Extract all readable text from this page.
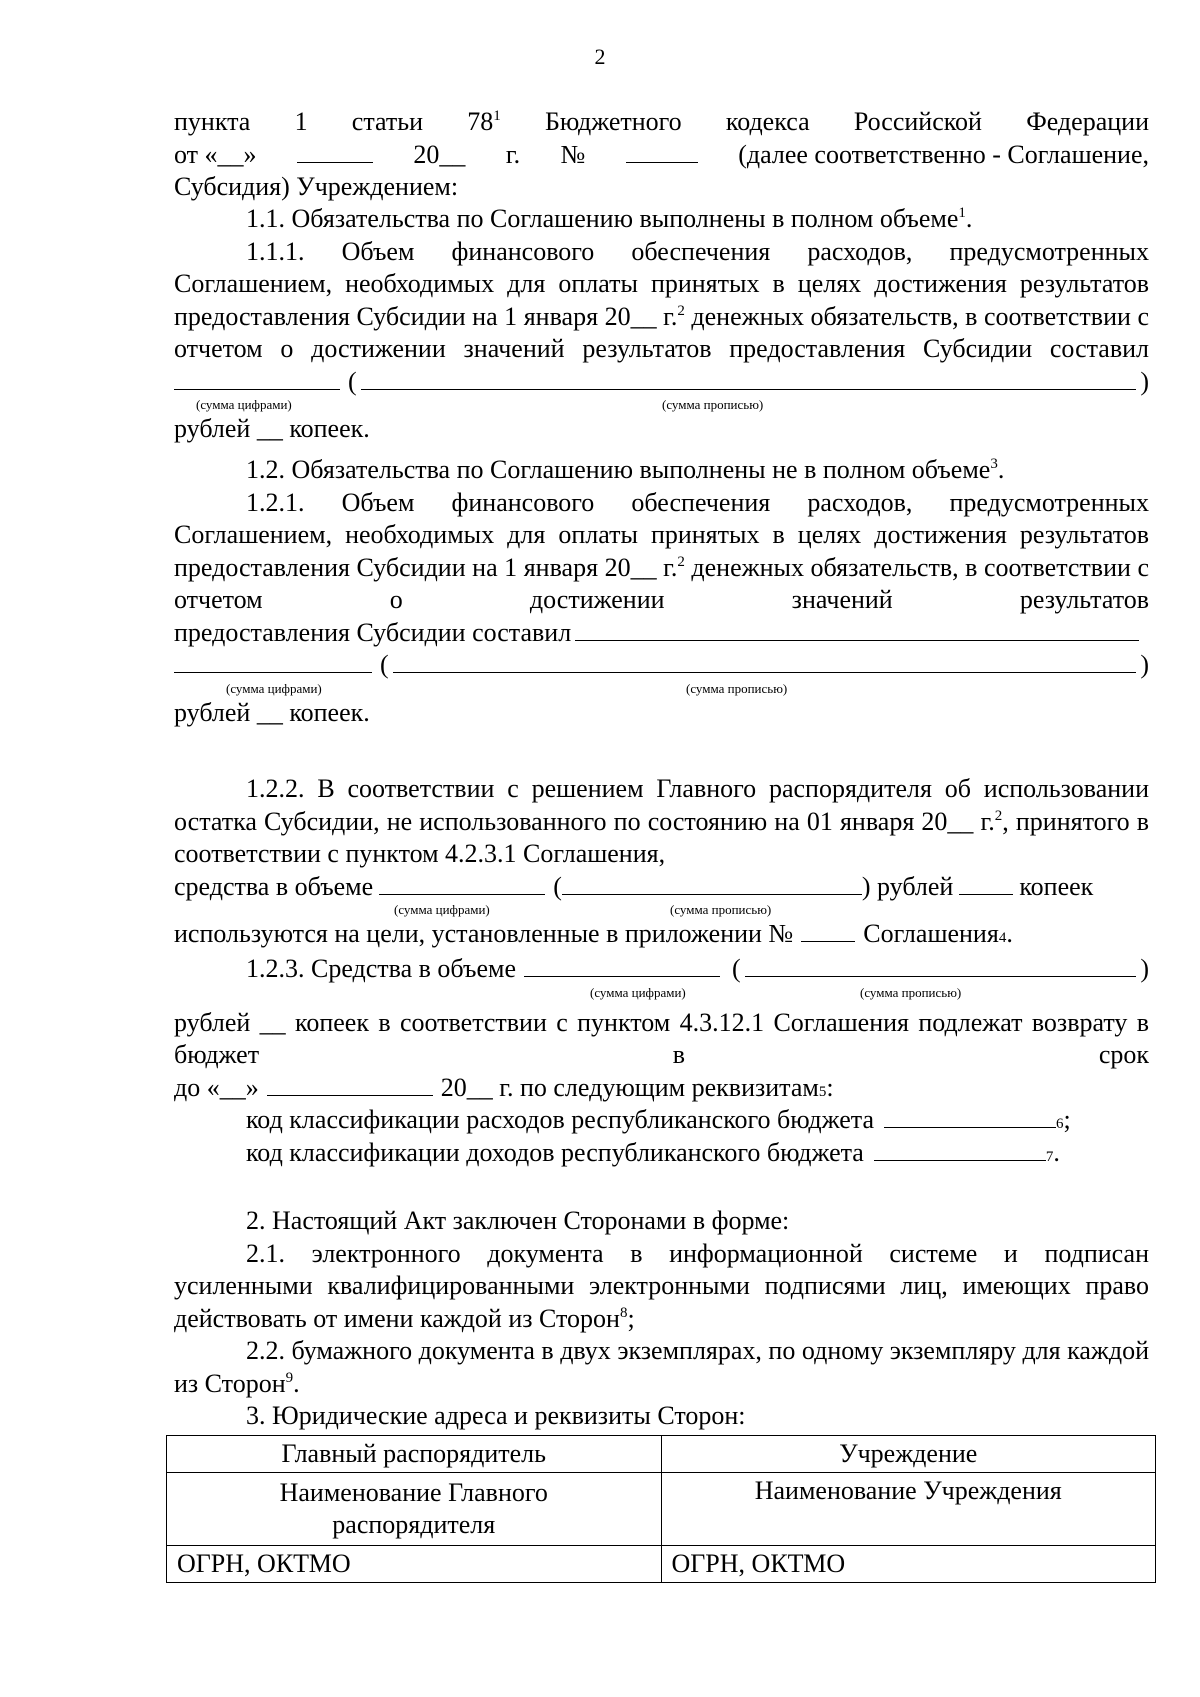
2
пункта 1 статьи $78^1$ Бюджетного кодекса Российской Федерации
от «__»	20__ г. №	(далее соответственно - Соглашение,
Субсидия) Учреждением:

1.1. Обязательства по Соглашению выполнены в полном объеме$^1$.

1.1.1. Объем финансового обеспечения расходов, предусмотренных Соглашением, необходимых для оплаты принятых в целях достижения результатов предоставления Субсидии на 1 января 20__ г.$^2$ денежных обязательств, в соответствии с отчетом о достижении значений результатов предоставления Субсидии составил

(	)
(сумма цифрами)	(сумма прописью)
рублей __ копеек.

1.2. Обязательства по Соглашению выполнены не в полном объеме$^3$.

1.2.1. Объем финансового обеспечения расходов, предусмотренных Соглашением, необходимых для оплаты принятых в целях достижения результатов предоставления Субсидии на 1 января 20__ г.$^2$ денежных обязательств, в соответствии с отчетом о достижении значений результатов

предоставления Субсидии составил
(	)
(сумма цифрами)	(сумма прописью)
рублей __ копеек.

1.2.2. В соответствии с решением Главного распорядителя об использовании остатка Субсидии, не использованного по состоянию на 01 января 20__ г.$^2$, принятого в соответствии с пунктом 4.2.3.1 Соглашения,

средства в объеме	(	) рублей	копеек
(сумма цифрами)	(сумма прописью)
используются на цели, установленные в приложении №	Соглашения 4 .
1.2.3. Средства в объеме	(	)
(сумма цифрами)	(сумма прописью)

рублей __ копеек в соответствии с пунктом 4.3.12.1 Соглашения подлежат возврату в бюджет в срок

до «__»	20__ г. по следующим реквизитам 5 :
код классификации расходов республиканского бюджета	6 ;
код классификации доходов республиканского бюджета	7 .

2. Настоящий Акт заключен Сторонами в форме:

2.1. электронного документа в информационной системе и подписан усиленными квалифицированными электронными подписями лиц, имеющих право действовать от имени каждой из Сторон$^8$;

2.2. бумажного документа в двух экземплярах, по одному экземпляру для каждой из Сторон$^9$.

3. Юридические адреса и реквизиты Сторон:

Главный распорядитель	Учреждение
Наименование Главного распорядителя	Наименование Учреждения
ОГРН, ОКТМО	ОГРН, ОКТМО
